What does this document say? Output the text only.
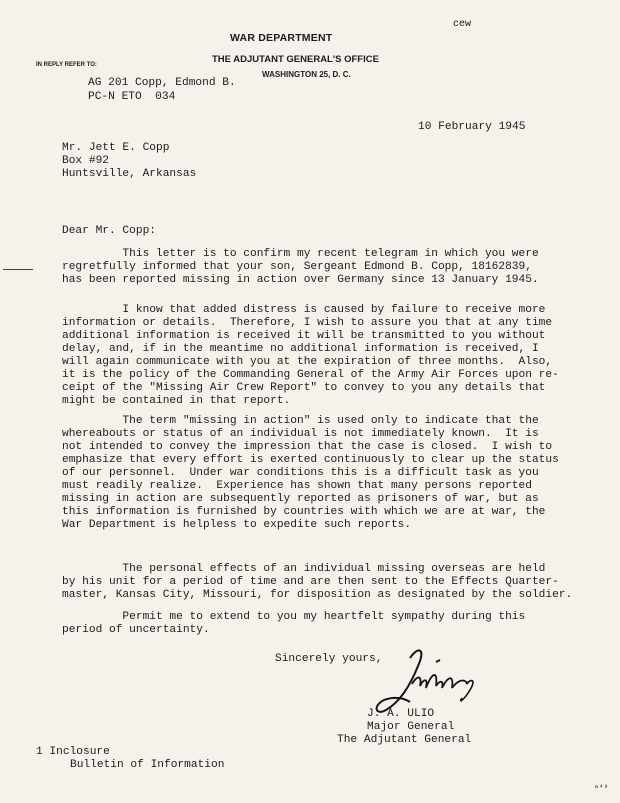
cew
WAR DEPARTMENT
THE ADJUTANT GENERAL'S OFFICE
WASHINGTON 25, D. C.
IN REPLY REFER TO:
AG 201 Copp, Edmond B.
PC-N ETO  034
10 February 1945
Mr. Jett E. Copp
Box #92
Huntsville, Arkansas
Dear Mr. Copp:
This letter is to confirm my recent telegram in which you were
regretfully informed that your son, Sergeant Edmond B. Copp, 18162839,
has been reported missing in action over Germany since 13 January 1945.
I know that added distress is caused by failure to receive more
information or details.  Therefore, I wish to assure you that at any time
additional information is received it will be transmitted to you without
delay, and, if in the meantime no additional information is received, I
will again communicate with you at the expiration of three months.  Also,
it is the policy of the Commanding General of the Army Air Forces upon re-
ceipt of the "Missing Air Crew Report" to convey to you any details that
might be contained in that report.
The term "missing in action" is used only to indicate that the
whereabouts or status of an individual is not immediately known.  It is
not intended to convey the impression that the case is closed.  I wish to
emphasize that every effort is exerted continuously to clear up the status
of our personnel.  Under war conditions this is a difficult task as you
must readily realize.  Experience has shown that many persons reported
missing in action are subsequently reported as prisoners of war, but as
this information is furnished by countries with which we are at war, the
War Department is helpless to expedite such reports.
The personal effects of an individual missing overseas are held
by his unit for a period of time and are then sent to the Effects Quarter-
master, Kansas City, Missouri, for disposition as designated by the soldier.
Permit me to extend to you my heartfelt sympathy during this
period of uncertainty.
Sincerely yours,
J. A. ULIO
Major General
The Adjutant General
1 Inclosure
Bulletin of Information
ᵃ⁴⁹
